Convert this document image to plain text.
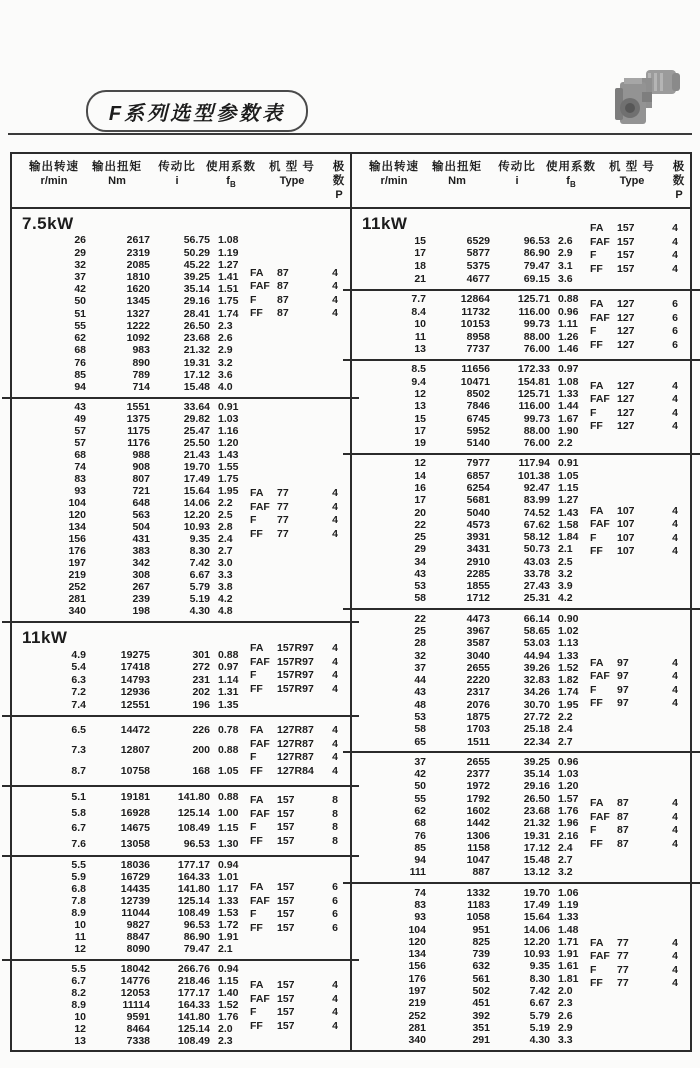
F系列选型参数表
输出转速
r/min
输出扭矩
Nm
传动比
i
使用系数
$f_B$
机 型 号
Type
极 数
P
7.5kW
26	2617	56.75 1.08
29	2319	50.29 1.19
32	2085	45.22 1.27
37	1810	39.25 1.41
42	1620	35.14 1.51
50	1345	29.16 1.75
51	1327	28.41 1.74
55	1222	26.50 2.3
62	1092	23.68 2.6
68	983	21.32 2.9
76	890	19.31 3.2
85	789	17.12 3.6
94	714	15.48 4.0
FA	87	4
FAF 87	4
F	87	4
FF	87	4
43	1551	33.64 0.91
49	1375	29.82 1.03
57	1175	25.47 1.16
57	1176	25.50 1.20
68	988	21.43 1.43
74	908	19.70 1.55
83	807	17.49 1.75
93	721	15.64 1.95
104	648	14.06 2.2
120	563	12.20 2.5
134	504	10.93 2.8
156	431	9.35 2.4
176	383	8.30 2.7
197	342	7.42 3.0
219	308	6.67 3.3
252	267	5.79 3.8
281	239	5.19 4.2
340	198	4.30 4.8
FA	77	4
FAF 77	4
F	77	4
FF	77	4
11kW
4.9	19275	301 0.88
5.4	17418	272 0.97
6.3	14793	231 1.14
7.2	12936	202 1.31
7.4	12551	196 1.35
FA	157R97	4
FAF 157R97	4
F	157R97	4
FF	157R97	4
6.5	14472	226 0.78
7.3	12807	200 0.88
8.7	10758	168 1.05
FA	127R87	4
FAF 127R87	4
F	127R87	4
FF	127R84	4
5.1	19181	141.80 0.88
5.8	16928	125.14 1.00
6.7	14675	108.49 1.15
7.6	13058	96.53 1.30
FA	157	8
FAF 157	8
F	157	8
FF	157	8
5.5	18036	177.17 0.94
5.9	16729	164.33 1.01
6.8	14435	141.80 1.17
7.8	12739	125.14 1.33
8.9	11044	108.49 1.53
10	9827	96.53 1.72
11	8847	86.90 1.91
12	8090	79.47 2.1
FA	157	6
FAF 157	6
F	157	6
FF	157	6
5.5	18042	266.76 0.94
6.7	14776	218.46 1.15
8.2	12053	177.17 1.40
8.9	11114	164.33 1.52
10	9591	141.80 1.76
12	8464	125.14 2.0
13	7338	108.49 2.3
FA	157	4
FAF 157	4
F	157	4
FF	157	4
输出转速
r/min
输出扭矩
Nm
传动比
i
使用系数
$f_B$
机 型 号
Type
极 数
P
11kW
15	6529	96.53 2.6
17	5877	86.90 2.9
18	5375	79.47 3.1
21	4677	69.15 3.6
FA	157	4
FAF 157	4
F	157	4
FF	157	4
7.7	12864	125.71 0.88
8.4	11732	116.00 0.96
10	10153	99.73 1.11
11	8958	88.00 1.26
13	7737	76.00 1.46
FA	127	6
FAF 127	6
F	127	6
FF	127	6
8.5	11656	172.33 0.97
9.4	10471	154.81 1.08
12	8502	125.71 1.33
13	7846	116.00 1.44
15	6745	99.73 1.67
17	5952	88.00 1.90
19	5140	76.00 2.2
FA	127	4
FAF 127	4
F	127	4
FF	127	4
12	7977	117.94 0.91
14	6857	101.38 1.05
16	6254	92.47 1.15
17	5681	83.99 1.27
20	5040	74.52 1.43
22	4573	67.62 1.58
25	3931	58.12 1.84
29	3431	50.73 2.1
34	2910	43.03 2.5
43	2285	33.78 3.2
53	1855	27.43 3.9
58	1712	25.31 4.2
FA	107	4
FAF 107	4
F	107	4
FF	107	4
22	4473	66.14 0.90
25	3967	58.65 1.02
28	3587	53.03 1.13
32	3040	44.94 1.33
37	2655	39.26 1.52
44	2220	32.83 1.82
43	2317	34.26 1.74
48	2076	30.70 1.95
53	1875	27.72 2.2
58	1703	25.18 2.4
65	1511	22.34 2.7
FA	97	4
FAF 97	4
F	97	4
FF	97	4
37	2655	39.25 0.96
42	2377	35.14 1.03
50	1972	29.16 1.20
55	1792	26.50 1.57
62	1602	23.68 1.76
68	1442	21.32 1.96
76	1306	19.31 2.16
85	1158	17.12 2.4
94	1047	15.48 2.7
111	887	13.12 3.2
FA	87	4
FAF 87	4
F	87	4
FF	87	4
74	1332	19.70 1.06
83	1183	17.49 1.19
93	1058	15.64 1.33
104	951	14.06 1.48
120	825	12.20 1.71
134	739	10.93 1.91
156	632	9.35 1.61
176	561	8.30 1.81
197	502	7.42 2.0
219	451	6.67 2.3
252	392	5.79 2.6
281	351	5.19 2.9
340	291	4.30 3.3
FA	77	4
FAF 77	4
F	77	4
FF	77	4
